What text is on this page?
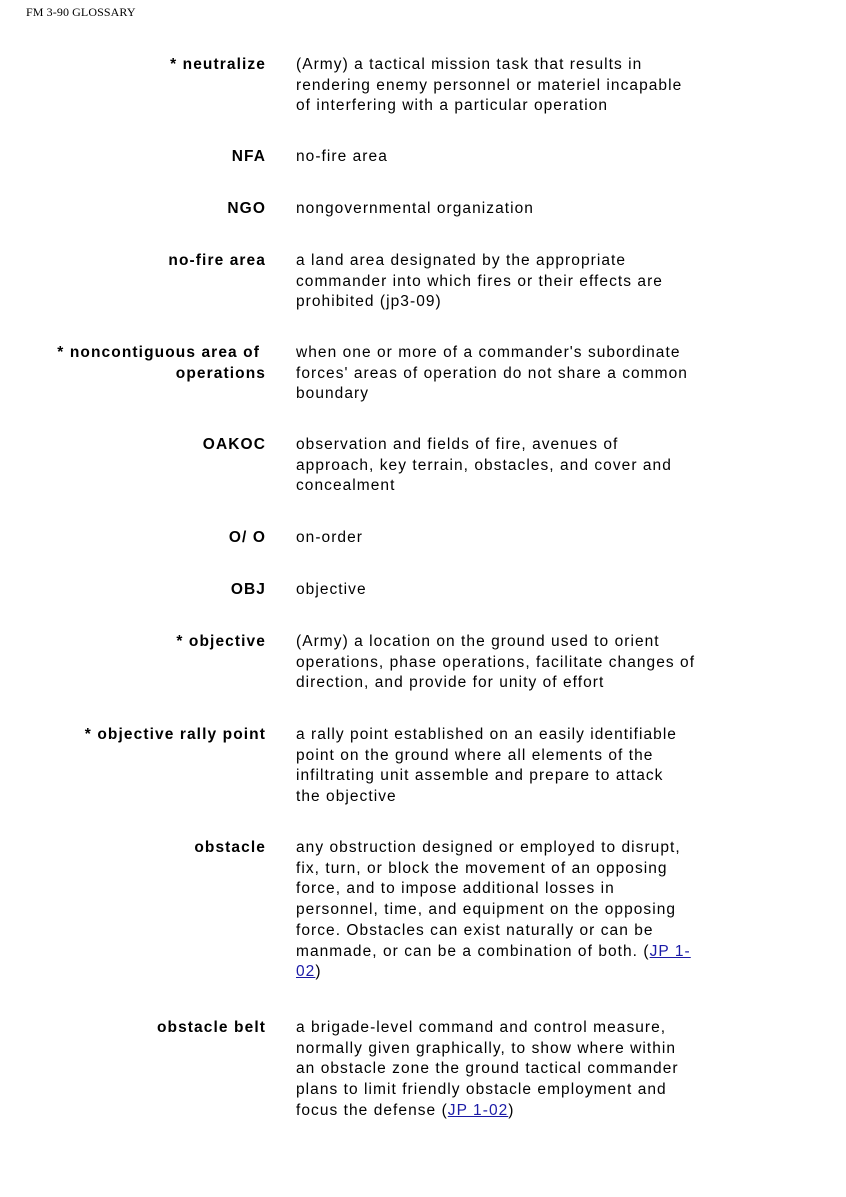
FM 3-90 GLOSSARY
* neutralize (Army) a tactical mission task that results in
rendering enemy personnel or materiel incapable
of interfering with a particular operation
NFA no-fire area
NGO nongovernmental organization
no-fire area a land area designated by the appropriate
commander into which fires or their effects are
prohibited (jp3-09)
* noncontiguous area of
operations
when one or more of a commander's subordinate
forces' areas of operation do not share a common
boundary
OAKOC observation and fields of fire, avenues of
approach, key terrain, obstacles, and cover and
concealment
O/ O on-order
OBJ objective
* objective (Army) a location on the ground used to orient
operations, phase operations, facilitate changes of
direction, and provide for unity of effort
* objective rally point a rally point established on an easily identifiable
point on the ground where all elements of the
infiltrating unit assemble and prepare to attack
the objective
obstacle any obstruction designed or employed to disrupt,
fix, turn, or block the movement of an opposing
force, and to impose additional losses in
personnel, time, and equipment on the opposing
force. Obstacles can exist naturally or can be
manmade, or can be a combination of both. (JP 1-
02)
obstacle belt a brigade-level command and control measure,
normally given graphically, to show where within
an obstacle zone the ground tactical commander
plans to limit friendly obstacle employment and
focus the defense (JP 1-02)
